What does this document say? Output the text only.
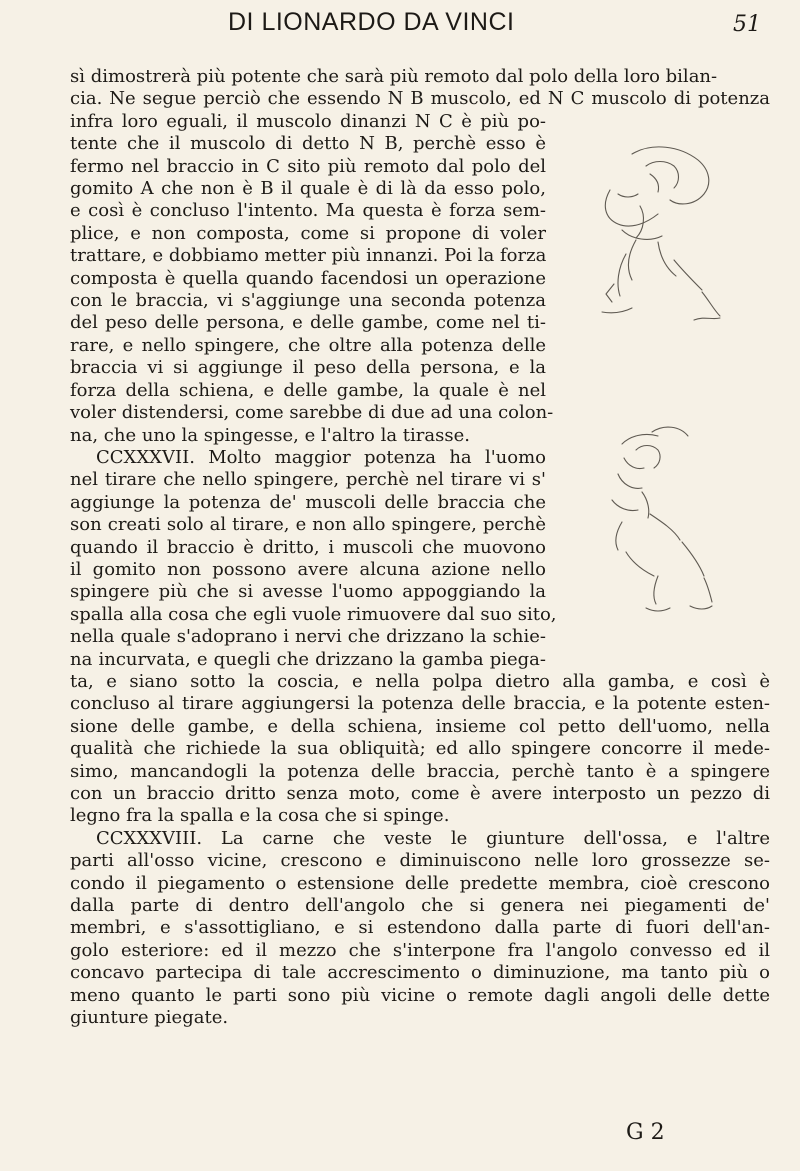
DI LIONARDO DA VINCI	51
sì dimostrerà più potente che sarà più remoto dal polo della loro bilan-
cia. Ne segue perciò che essendo N B muscolo, ed N C muscolo di potenza
infra loro eguali, il muscolo dinanzi N C è più po-
tente che il muscolo di detto N B, perchè esso è
fermo nel braccio in C sito più remoto dal polo del
gomito A che non è B il quale è di là da esso polo,
e così è concluso l'intento. Ma questa è forza sem-
plice, e non composta, come si propone di voler
trattare, e dobbiamo metter più innanzi. Poi la forza
composta è quella quando facendosi un operazione
con le braccia, vi s'aggiunge una seconda potenza
del peso delle persona, e delle gambe, come nel ti-
rare, e nello spingere, che oltre alla potenza delle
braccia vi si aggiunge il peso della persona, e la
forza della schiena, e delle gambe, la quale è nel
voler distendersi, come sarebbe di due ad una colon-
na, che uno la spingesse, e l'altro la tirasse.
CCXXXVII. Molto maggior potenza ha l'uomo
nel tirare che nello spingere, perchè nel tirare vi s'
aggiunge la potenza de' muscoli delle braccia che
son creati solo al tirare, e non allo spingere, perchè
quando il braccio è dritto, i muscoli che muovono
il gomito non possono avere alcuna azione nello
spingere più che si avesse l'uomo appoggiando la
spalla alla cosa che egli vuole rimuovere dal suo sito,
nella quale s'adoprano i nervi che drizzano la schie-
na incurvata, e quegli che drizzano la gamba piega-
ta, e siano sotto la coscia, e nella polpa dietro alla gamba, e così è
concluso al tirare aggiungersi la potenza delle braccia, e la potente esten-
sione delle gambe, e della schiena, insieme col petto dell'uomo, nella
qualità che richiede la sua obliquità; ed allo spingere concorre il mede-
simo, mancandogli la potenza delle braccia, perchè tanto è a spingere
con un braccio dritto senza moto, come è avere interposto un pezzo di
legno fra la spalla e la cosa che si spinge.
CCXXXVIII. La carne che veste le giunture dell'ossa, e l'altre
parti all'osso vicine, crescono e diminuiscono nelle loro grossezze se-
condo il piegamento o estensione delle predette membra, cioè crescono
dalla parte di dentro dell'angolo che si genera nei piegamenti de'
membri, e s'assottigliano, e si estendono dalla parte di fuori dell'an-
golo esteriore: ed il mezzo che s'interpone fra l'angolo convesso ed il
concavo partecipa di tale accrescimento o diminuzione, ma tanto più o
meno quanto le parti sono più vicine o remote dagli angoli delle dette
giunture piegate.
G 2
